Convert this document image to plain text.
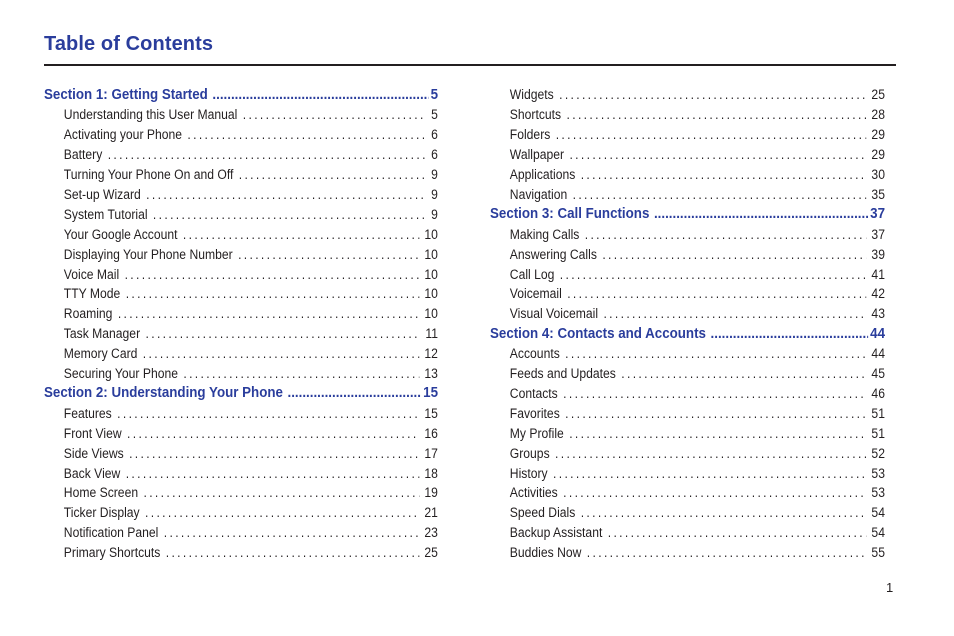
Table of Contents
Section 1: Getting Started .....	5
Understanding this User Manual .....	5
Activating your Phone .....	6
Battery .....	6
Turning Your Phone On and Off .....	9
Set-up Wizard .....	9
System Tutorial .....	9
Your Google Account .....	10
Displaying Your Phone Number .....	10
Voice Mail .....	10
TTY Mode .....	10
Roaming .....	10
Task Manager .....	11
Memory Card .....	12
Securing Your Phone .....	13
Section 2: Understanding Your Phone .....	15
Features .....	15
Front View .....	16
Side Views .....	17
Back View .....	18
Home Screen .....	19
Ticker Display .....	21
Notification Panel .....	23
Primary Shortcuts .....	25
Widgets .....	25
Shortcuts .....	28
Folders .....	29
Wallpaper .....	29
Applications .....	30
Navigation .....	35
Section 3: Call Functions .....	37
Making Calls .....	37
Answering Calls .....	39
Call Log .....	41
Voicemail .....	42
Visual Voicemail .....	43
Section 4: Contacts and Accounts .....	44
Accounts .....	44
Feeds and Updates .....	45
Contacts .....	46
Favorites .....	51
My Profile .....	51
Groups .....	52
History .....	53
Activities .....	53
Speed Dials .....	54
Backup Assistant .....	54
Buddies Now .....	55
1
